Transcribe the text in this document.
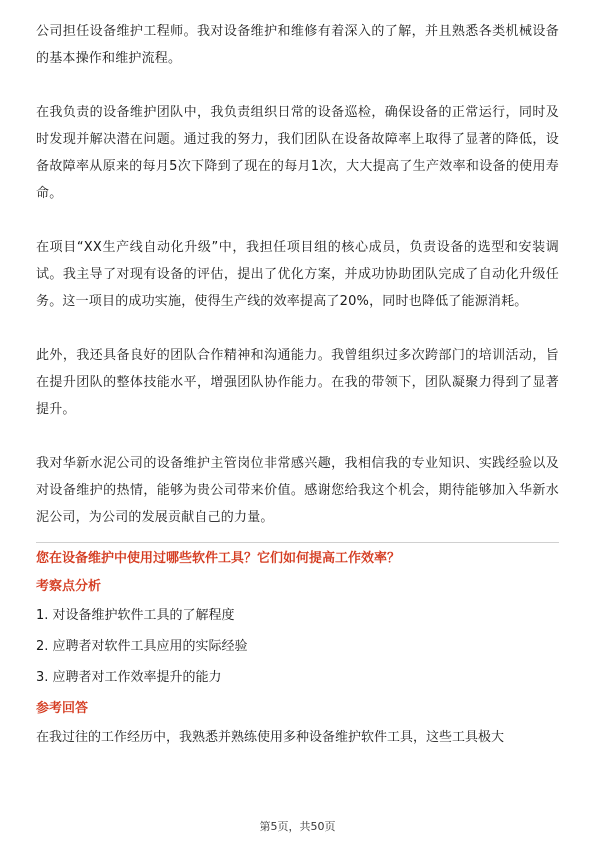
公司担任设备维护工程师。我对设备维护和维修有着深入的了解，并且熟悉各类机械设备的基本操作和维护流程。

在我负责的设备维护团队中，我负责组织日常的设备巡检，确保设备的正常运行，同时及时发现并解决潜在问题。通过我的努力，我们团队在设备故障率上取得了显著的降低，设备故障率从原来的每月5次下降到了现在的每月1次，大大提高了生产效率和设备的使用寿命。

在项目“XX生产线自动化升级”中，我担任项目组的核心成员，负责设备的选型和安装调试。我主导了对现有设备的评估，提出了优化方案，并成功协助团队完成了自动化升级任务。这一项目的成功实施，使得生产线的效率提高了20%，同时也降低了能源消耗。

此外，我还具备良好的团队合作精神和沟通能力。我曾组织过多次跨部门的培训活动，旨在提升团队的整体技能水平，增强团队协作能力。在我的带领下，团队凝聚力得到了显著提升。

我对华新水泥公司的设备维护主管岗位非常感兴趣，我相信我的专业知识、实践经验以及对设备维护的热情，能够为贵公司带来价值。感谢您给我这个机会，期待能够加入华新水泥公司，为公司的发展贡献自己的力量。

您在设备维护中使用过哪些软件工具？它们如何提高工作效率？

考察点分析

1. 对设备维护软件工具的了解程度
2. 应聘者对软件工具应用的实际经验
3. 应聘者对工作效率提升的能力

参考回答

在我过往的工作经历中，我熟悉并熟练使用多种设备维护软件工具，这些工具极大

第5页，共50页
